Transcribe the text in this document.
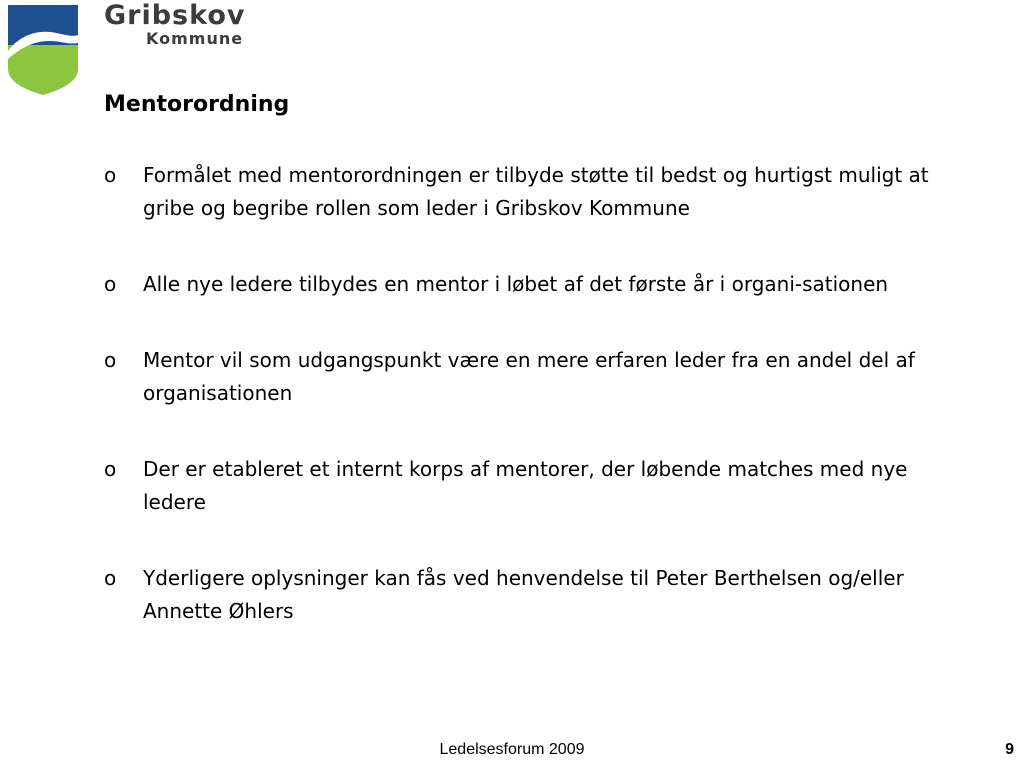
Gribskov
Kommune
Mentorordning
o Formålet med mentorordningen er tilbyde støtte til bedst og hurtigst muligt at gribe og begribe rollen som leder i Gribskov Kommune
o Alle nye ledere tilbydes en mentor i løbet af det første år i organi-sationen
o Mentor vil som udgangspunkt være en mere erfaren leder fra en andel del af organisationen
o Der er etableret et internt korps af mentorer, der løbende matches med nye ledere
o Yderligere oplysninger kan fås ved henvendelse til Peter Berthelsen og/eller Annette Øhlers
Ledelsesforum 2009	9
